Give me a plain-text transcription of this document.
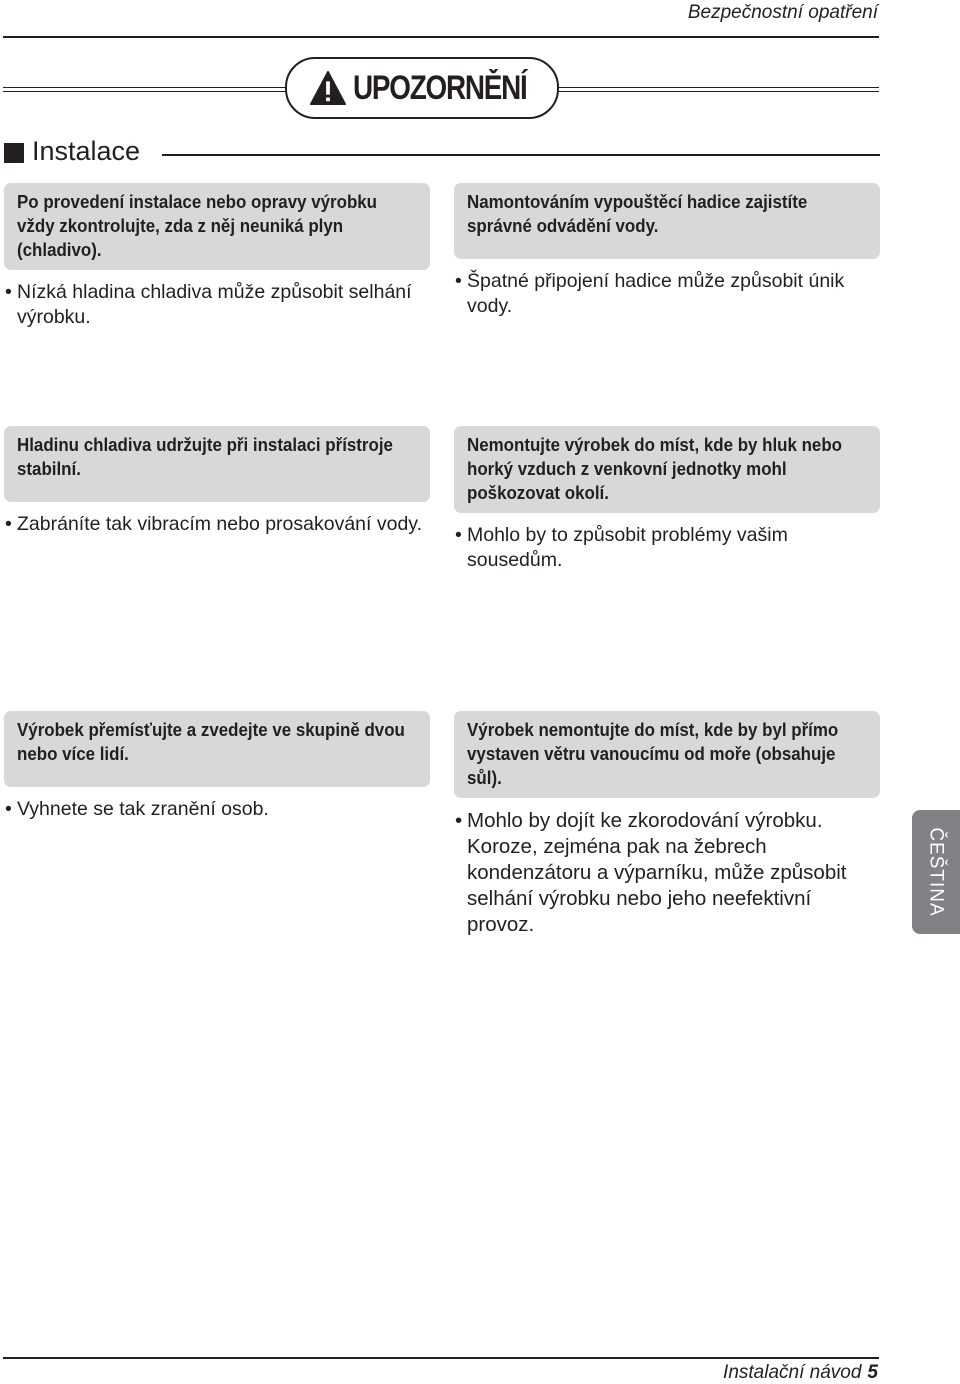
Bezpečnostní opatření
UPOZORNĚNÍ
Instalace
Po provedení instalace nebo opravy výrobku vždy zkontrolujte, zda z něj neuniká plyn (chladivo).
• Nízká hladina chladiva může způsobit selhání výrobku.
Namontováním vypouštěcí hadice zajistíte správné odvádění vody.
• Špatné připojení hadice může způsobit únik vody.
Hladinu chladiva udržujte při instalaci přístroje stabilní.
• Zabráníte tak vibracím nebo prosakování vody.
Nemontujte výrobek do míst, kde by hluk nebo horký vzduch z venkovní jednotky mohl poškozovat okolí.
• Mohlo by to způsobit problémy vašim sousedům.
Výrobek přemísťujte a zvedejte ve skupině dvou nebo více lidí.
• Vyhnete se tak zranění osob.
Výrobek nemontujte do míst, kde by byl přímo vystaven větru vanoucímu od moře (obsahuje sůl).
• Mohlo by dojít ke zkorodování výrobku. Koroze, zejména pak na žebrech kondenzátoru a výparníku, může způsobit selhání výrobku nebo jeho neefektivní provoz.
ČEŠTINA
Instalační návod 5
